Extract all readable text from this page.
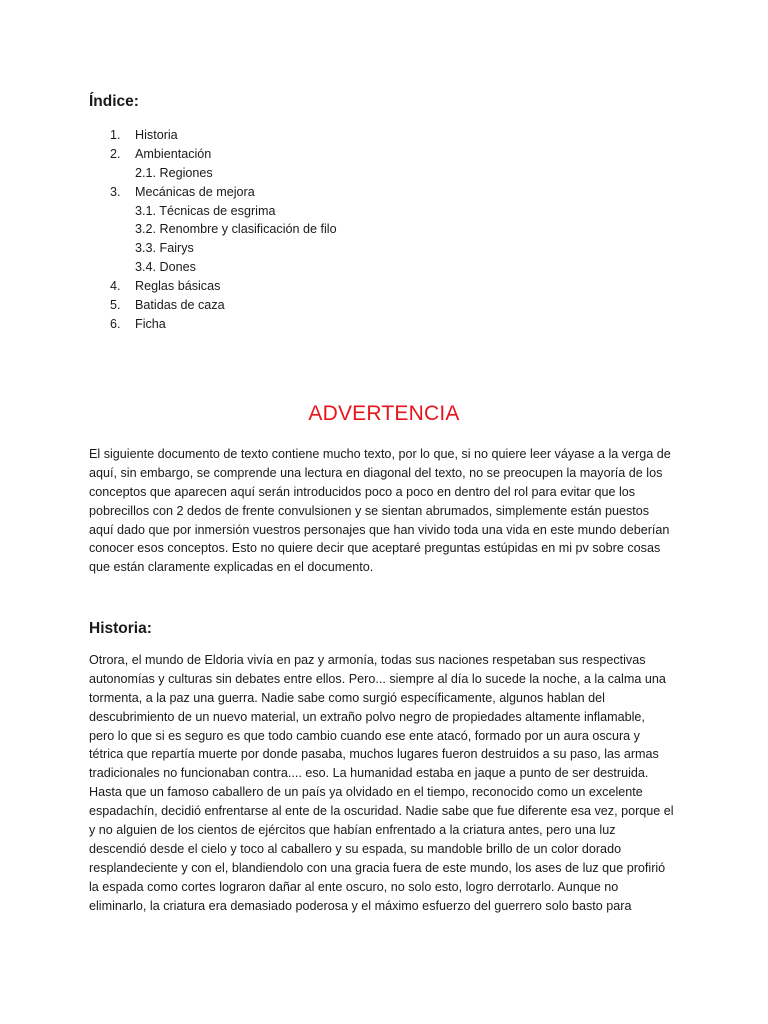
Índice:
1.	Historia
2.	Ambientación
2.1. Regiones
3.	Mecánicas de mejora
3.1. Técnicas de esgrima
3.2. Renombre y clasificación de filo
3.3. Fairys
3.4. Dones
4.	Reglas básicas
5.	Batidas de caza
6.	Ficha
ADVERTENCIA

El siguiente documento de texto contiene mucho texto, por lo que, si no quiere leer váyase a la verga de
aquí, sin embargo, se comprende una lectura en diagonal del texto, no se preocupen la mayoría de los
conceptos que aparecen aquí serán introducidos poco a poco en dentro del rol para evitar que los
pobrecillos con 2 dedos de frente convulsionen y se sientan abrumados, simplemente están puestos
aquí dado que por inmersión vuestros personajes que han vivido toda una vida en este mundo deberían
conocer esos conceptos. Esto no quiere decir que aceptaré preguntas estúpidas en mi pv sobre cosas
que están claramente explicadas en el documento.

Historia:

Otrora, el mundo de Eldoria vivía en paz y armonía, todas sus naciones respetaban sus respectivas
autonomías y culturas sin debates entre ellos. Pero... siempre al día lo sucede la noche, a la calma una
tormenta, a la paz una guerra. Nadie sabe como surgió específicamente, algunos hablan del
descubrimiento de un nuevo material, un extraño polvo negro de propiedades altamente inflamable,
pero lo que si es seguro es que todo cambio cuando ese ente atacó, formado por un aura oscura y
tétrica que repartía muerte por donde pasaba, muchos lugares fueron destruidos a su paso, las armas
tradicionales no funcionaban contra.... eso. La humanidad estaba en jaque a punto de ser destruida.
Hasta que un famoso caballero de un país ya olvidado en el tiempo, reconocido como un excelente
espadachín, decidió enfrentarse al ente de la oscuridad. Nadie sabe que fue diferente esa vez, porque el
y no alguien de los cientos de ejércitos que habían enfrentado a la criatura antes, pero una luz
descendió desde el cielo y toco al caballero y su espada, su mandoble brillo de un color dorado
resplandeciente y con el, blandiendolo con una gracia fuera de este mundo, los ases de luz que profirió
la espada como cortes lograron dañar al ente oscuro, no solo esto, logro derrotarlo. Aunque no
eliminarlo, la criatura era demasiado poderosa y el máximo esfuerzo del guerrero solo basto para
